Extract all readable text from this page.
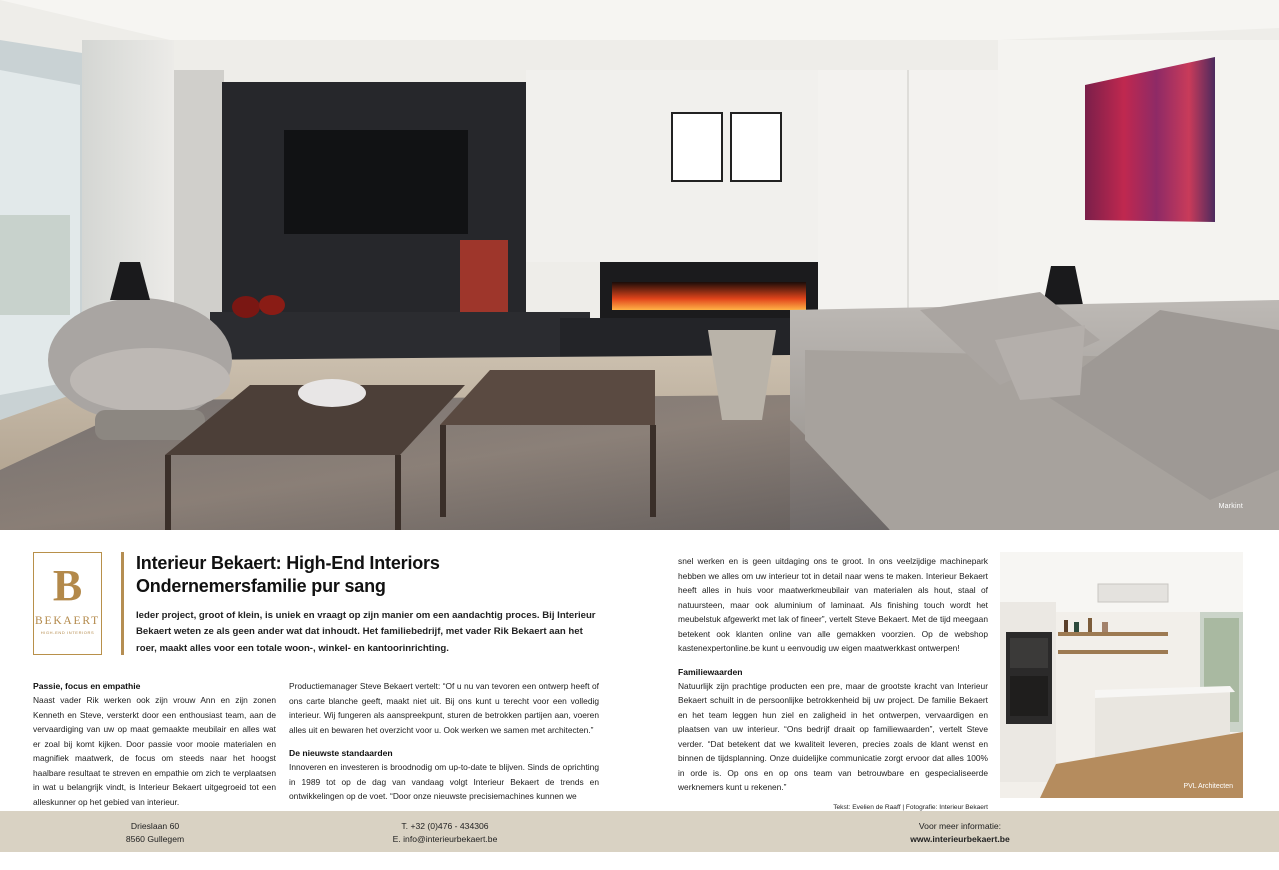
Markint
B
BEKAERT
HIGH-END INTERIORS
Interieur Bekaert: High-End Interiors
Ondernemersfamilie pur sang

Ieder project, groot of klein, is uniek en vraagt op zijn manier om een aandachtig proces. Bij Interieur Bekaert weten ze als geen ander wat dat inhoudt. Het familiebedrijf, met vader Rik Bekaert aan het roer, maakt alles voor een totale woon-, winkel- en kantoorinrichting.

Passie, focus en empathie

Naast vader Rik werken ook zijn vrouw Ann en zijn zonen Kenneth en Steve, versterkt door een enthousiast team, aan de vervaardiging van uw op maat gemaakte meubilair en alles wat er zoal bij komt kijken. Door passie voor mooie materialen en magnifiek maatwerk, de focus om steeds naar het hoogst haalbare resultaat te streven en empathie om zich te verplaatsen in wat u belangrijk vindt, is Interieur Bekaert uitgegroeid tot een alleskunner op het gebied van interieur.

Productiemanager Steve Bekaert vertelt: “Of u nu van tevoren een ontwerp heeft of ons carte blanche geeft, maakt niet uit. Bij ons kunt u terecht voor een volledig interieur. Wij fungeren als aanspreekpunt, sturen de betrokken partijen aan, voeren alles uit en bewaren het overzicht voor u. Ook werken we samen met architecten.”

De nieuwste standaarden

Innoveren en investeren is broodnodig om up-to-date te blijven. Sinds de oprichting in 1989 tot op de dag van vandaag volgt Interieur Bekaert de trends en ontwikkelingen op de voet. “Door onze nieuwste precisiemachines kunnen we

snel werken en is geen uitdaging ons te groot. In ons veelzijdige machinepark hebben we alles om uw interieur tot in detail naar wens te maken. Interieur Bekaert heeft alles in huis voor maatwerkmeubilair van materialen als hout, staal of natuursteen, maar ook aluminium of laminaat. Als finishing touch wordt het meubelstuk afgewerkt met lak of fineer”, vertelt Steve Bekaert. Met de tijd meegaan betekent ook klanten online van alle gemakken voorzien. Op de webshop kastenexpertonline.be kunt u eenvoudig uw eigen maatwerkkast ontwerpen!

Familiewaarden

Natuurlijk zijn prachtige producten een pre, maar de grootste kracht van Interieur Bekaert schuilt in de persoonlijke betrokkenheid bij uw project. De familie Bekaert en het team leggen hun ziel en zaligheid in het ontwerpen, vervaardigen en plaatsen van uw interieur. “Ons bedrijf draait op familiewaarden”, vertelt Steve verder. “Dat betekent dat we kwaliteit leveren, precies zoals de klant wenst en binnen de tijdsplanning. Onze duidelijke communicatie zorgt ervoor dat alles 100% in orde is. Op ons en op ons team van betrouwbare en gespecialiseerde werknemers kunt u rekenen.”

Tekst: Evelien de Raaff | Fotografie: Interieur Bekaert
PVL Architecten
Drieslaan 60
8560 Gullegem
T. +32 (0)476 - 434306
E. info@interieurbekaert.be
Voor meer informatie:
www.interieurbekaert.be
